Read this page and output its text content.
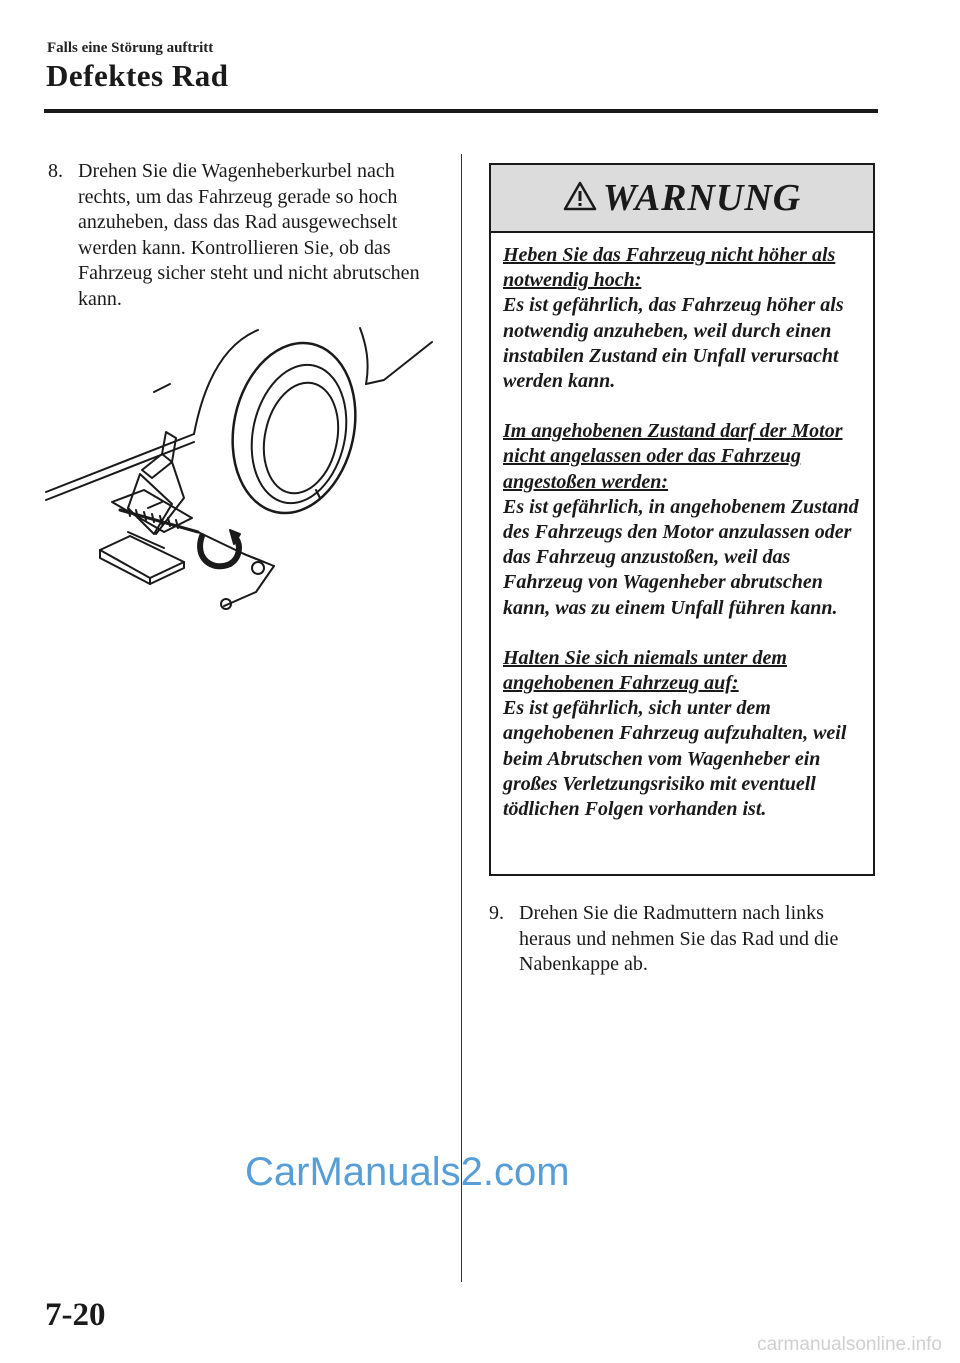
Falls eine Störung auftritt
Defektes Rad
8. Drehen Sie die Wagenheberkurbel nach rechts, um das Fahrzeug gerade so hoch anzuheben, dass das Rad ausgewechselt werden kann. Kontrollieren Sie, ob das Fahrzeug sicher steht und nicht abrutschen kann.
WARNUNG
Heben Sie das Fahrzeug nicht höher als notwendig hoch:
Es ist gefährlich, das Fahrzeug höher als notwendig anzuheben, weil durch einen instabilen Zustand ein Unfall verursacht werden kann.
Im angehobenen Zustand darf der Motor nicht angelassen oder das Fahrzeug angestoßen werden:
Es ist gefährlich, in angehobenem Zustand des Fahrzeugs den Motor anzulassen oder das Fahrzeug anzustoßen, weil das Fahrzeug von Wagenheber abrutschen kann, was zu einem Unfall führen kann.
Halten Sie sich niemals unter dem angehobenen Fahrzeug auf:
Es ist gefährlich, sich unter dem angehobenen Fahrzeug aufzuhalten, weil beim Abrutschen vom Wagenheber ein großes Verletzungsrisiko mit eventuell tödlichen Folgen vorhanden ist.
9. Drehen Sie die Radmuttern nach links heraus und nehmen Sie das Rad und die Nabenkappe ab.
CarManuals2.com
7-20
carmanualsonline.info
